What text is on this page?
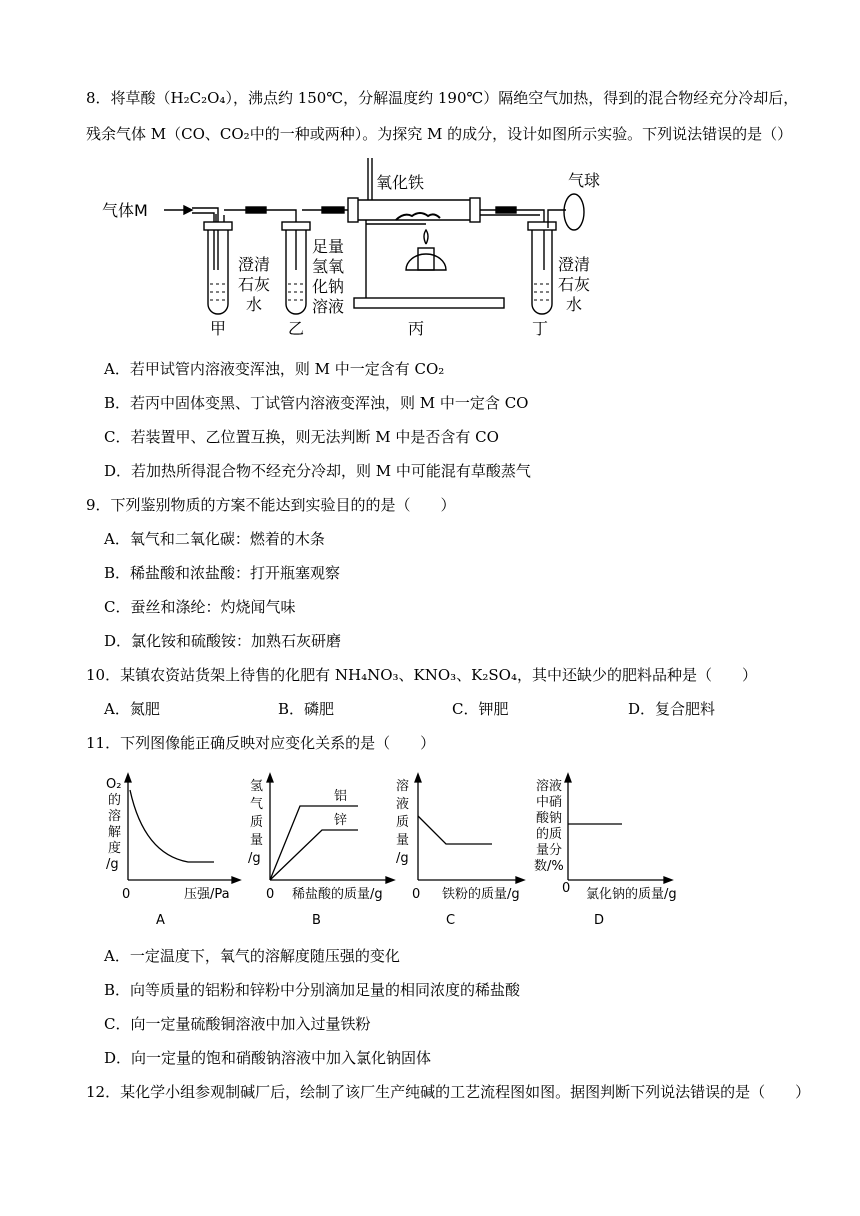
8．将草酸（H₂C₂O₄），沸点约 150℃，分解温度约 190℃）隔绝空气加热，得到的混合物经充分冷却后，
残余气体 M（CO、CO₂中的一种或两种）。为探究 M 的成分，设计如图所示实验。下列说法错误的是（）
气体M
氧化铁	气球
澄清
石灰
水
足量
氢氧
化钠
溶液
澄清
石灰
水
甲	乙	丙	丁
A．若甲试管内溶液变浑浊，则 M 中一定含有 CO₂
B．若丙中固体变黑、丁试管内溶液变浑浊，则 M 中一定含 CO
C．若装置甲、乙位置互换，则无法判断 M 中是否含有 CO
D．若加热所得混合物不经充分冷却，则 M 中可能混有草酸蒸气
9．下列鉴别物质的方案不能达到实验目的的是（　　）
A．氧气和二氧化碳：燃着的木条
B．稀盐酸和浓盐酸：打开瓶塞观察
C．蚕丝和涤纶：灼烧闻气味
D．氯化铵和硫酸铵：加熟石灰研磨
10．某镇农资站货架上待售的化肥有 NH₄NO₃、KNO₃、K₂SO₄，其中还缺少的肥料品种是（　　）
A．氮肥	B．磷肥	C．钾肥	D．复合肥料
11．下列图像能正确反映对应变化关系的是（　　）
O₂
的
溶
解
度
/g
0	压强/Pa
A
氢
气
质
量
/g
铝
锌
0 稀盐酸的质量/g
B
溶
液
质
量
/g
0 铁粉的质量/g
C
溶液
中硝
酸钠
的质
量分
数/%
0 氯化钠的质量/g
D
A．一定温度下，氧气的溶解度随压强的变化
B．向等质量的铝粉和锌粉中分别滴加足量的相同浓度的稀盐酸
C．向一定量硫酸铜溶液中加入过量铁粉
D．向一定量的饱和硝酸钠溶液中加入氯化钠固体
12．某化学小组参观制碱厂后，绘制了该厂生产纯碱的工艺流程图如图。据图判断下列说法错误的是（　　）
